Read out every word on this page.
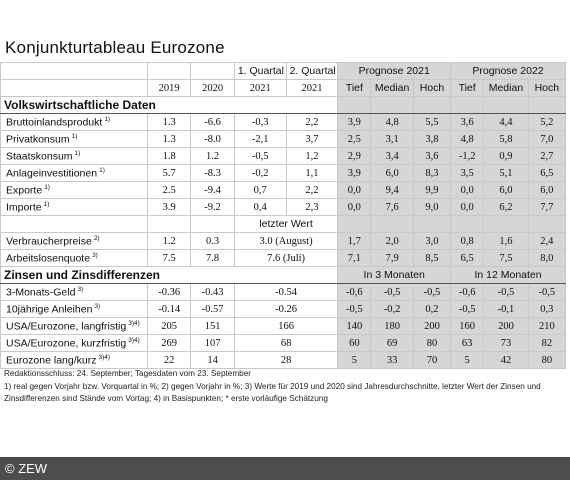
Konjunkturtableau Eurozone
			1. Quartal	2. Quartal	Prognose 2021			Prognose 2022		
	2019	2020	2021	2021	Tief	Median	Hoch	Tief	Median	Hoch
Volkswirtschaftliche Daten										
Bruttoinlandsprodukt $^{1)}$	1.3	-6.6	-0,3	2,2	3,9	4,8	5,5	3,6	4,4	5,2
Privatkonsum $^{1)}$	1.3	-8.0	-2,1	3,7	2,5	3,1	3,8	4,8	5,8	7,0
Staatskonsum $^{1)}$	1.8	1.2	-0,5	1,2	2,9	3,4	3,6	-1,2	0,9	2,7
Anlageinvestitionen $^{1)}$	5.7	-8.3	-0,2	1,1	3,9	6,0	8,3	3,5	5,1	6,5
Exporte $^{1)}$	2.5	-9.4	0,7	2,2	0,0	9,4	9,9	0,0	6,0	6,0
Importe $^{1)}$	3.9	-9.2	0,4	2,3	0,0	7,6	9,0	0,0	6,2	7,7
			letzter Wert							
Verbraucherpreise $^{2)}$	1.2	0.3	3.0 (August)		1,7	2,0	3,0	0,8	1,6	2,4
Arbeitslosenquote $^{3)}$	7.5	7.8	7.6 (Juli)		7,1	7,9	8,5	6,5	7,5	8,0
Zinsen und Zinsdifferenzen					In 3 Monaten			In 12 Monaten		
3-Monats-Geld $^{3)}$	-0.36	-0.43	-0.54		-0,6	-0,5	-0,5	-0,6	-0,5	-0,5
10jährige Anleihen $^{3)}$	-0.14	-0.57	-0.26		-0,5	-0,2	0,2	-0,5	-0,1	0,3
USA/Eurozone, langfristig $^{3)4)}$	205	151	166		140	180	200	160	200	210
USA/Eurozone, kurzfristig $^{3)4)}$	269	107	68		60	69	80	63	73	82
Eurozone lang/kurz $^{3)4)}$	22	14	28		5	33	70	5	42	80
Redaktionsschluss: 24. September; Tagesdaten vom 23. September
1) real gegen Vorjahr bzw. Vorquartal in %; 2) gegen Vorjahr in %; 3) Werte für 2019 und 2020 sind Jahresdurchschnitte, letzter Wert der Zinsen und
Zinsdifferenzen sind Stände vom Vortag; 4) in Basispunkten; * erste vorläufige Schätzung
© ZEW
